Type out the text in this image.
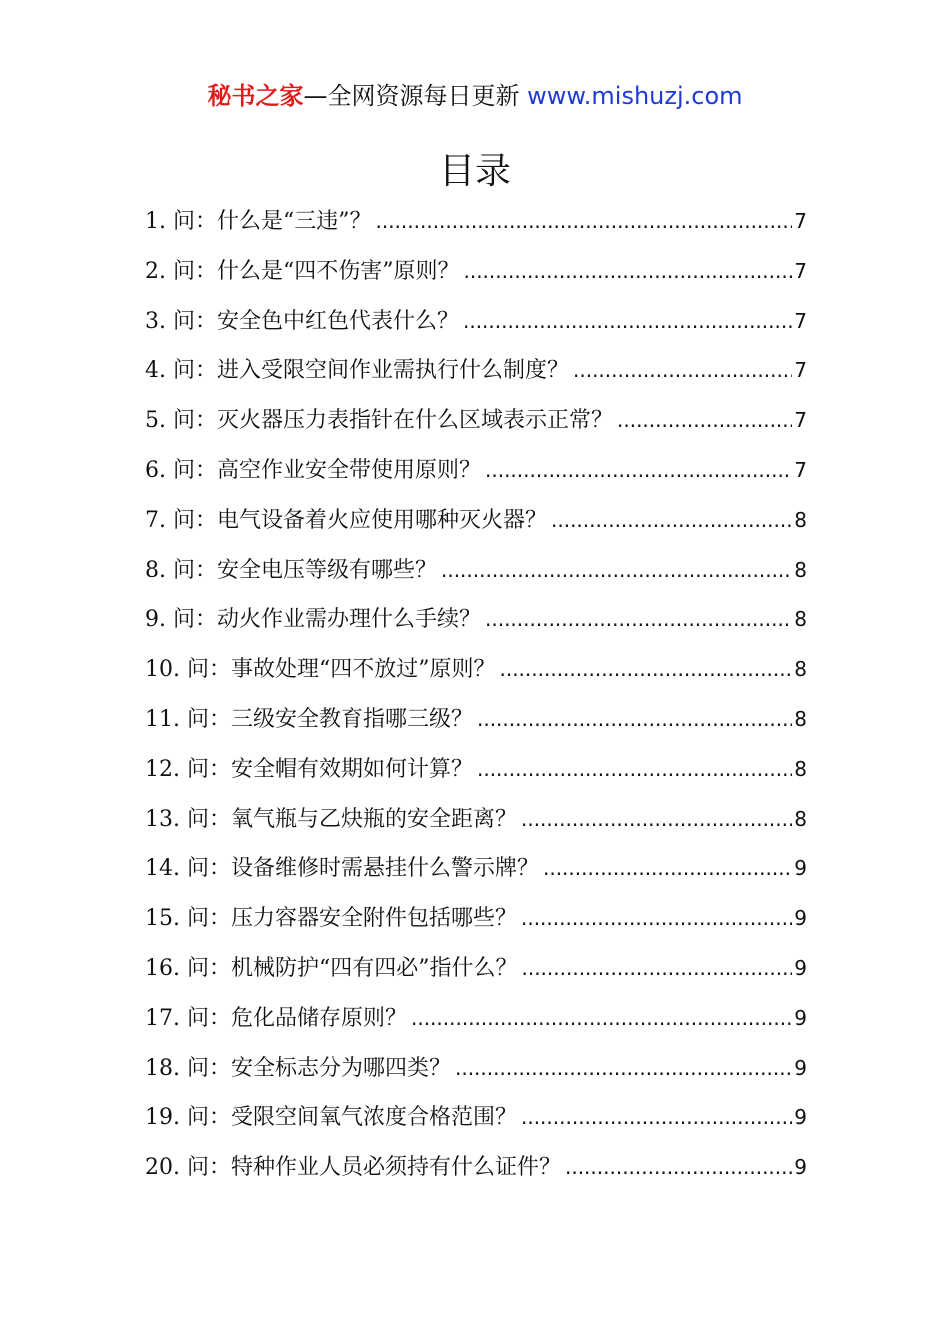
秘书之家—全网资源每日更新 www.mishuzj.com
目录
1. 问：什么是“三违”？ .....	7
2. 问：什么是“四不伤害”原则？ .....	7
3. 问：安全色中红色代表什么？ .....	7
4. 问：进入受限空间作业需执行什么制度？ .....	7
5. 问：灭火器压力表指针在什么区域表示正常？ .....	7
6. 问：高空作业安全带使用原则？ .....	7
7. 问：电气设备着火应使用哪种灭火器？ .....	8
8. 问：安全电压等级有哪些？ .....	8
9. 问：动火作业需办理什么手续？ .....	8
10. 问：事故处理“四不放过”原则？ .....	8
11. 问：三级安全教育指哪三级？ .....	8
12. 问：安全帽有效期如何计算？ .....	8
13. 问：氧气瓶与乙炔瓶的安全距离？ .....	8
14. 问：设备维修时需悬挂什么警示牌？ .....	9
15. 问：压力容器安全附件包括哪些？ .....	9
16. 问：机械防护“四有四必”指什么？ .....	9
17. 问：危化品储存原则？ .....	9
18. 问：安全标志分为哪四类？ .....	9
19. 问：受限空间氧气浓度合格范围？ .....	9
20. 问：特种作业人员必须持有什么证件？ .....	9
